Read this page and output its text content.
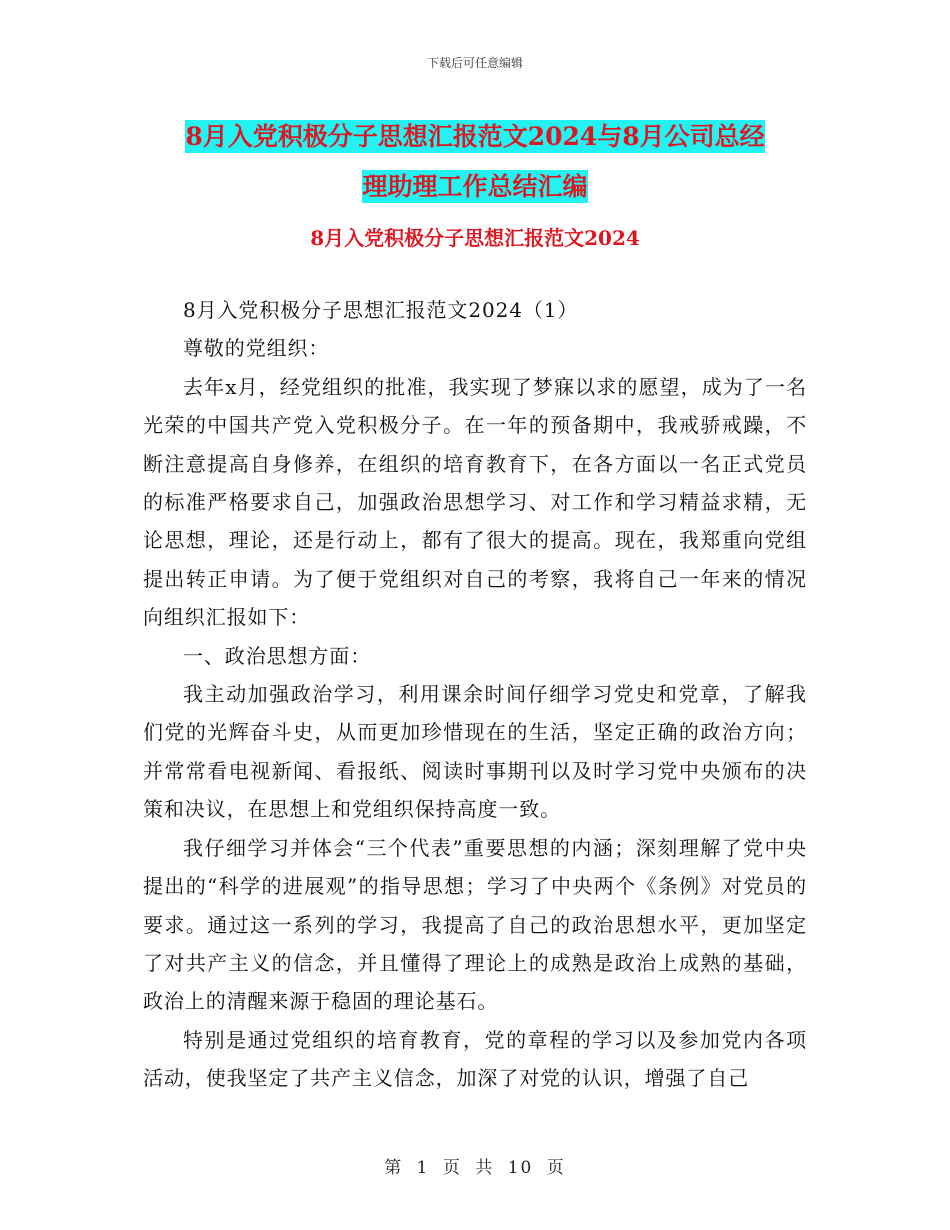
下载后可任意编辑
8月入党积极分子思想汇报范文2024与8月公司总经
理助理工作总结汇编
8月入党积极分子思想汇报范文2024

8月入党积极分子思想汇报范文2024（1）

尊敬的党组织：

去年x月，经党组织的批准，我实现了梦寐以求的愿望，成为了一名光荣的中国共产党入党积极分子。在一年的预备期中，我戒骄戒躁，不断注意提高自身修养，在组织的培育教育下，在各方面以一名正式党员的标准严格要求自己，加强政治思想学习、对工作和学习精益求精，无论思想，理论，还是行动上，都有了很大的提高。现在，我郑重向党组提出转正申请。为了便于党组织对自己的考察，我将自己一年来的情况向组织汇报如下：

一、政治思想方面：

我主动加强政治学习，利用课余时间仔细学习党史和党章，了解我们党的光辉奋斗史，从而更加珍惜现在的生活，坚定正确的政治方向；并常常看电视新闻、看报纸、阅读时事期刊以及时学习党中央颁布的决策和决议，在思想上和党组织保持高度一致。

我仔细学习并体会“三个代表”重要思想的内涵；深刻理解了党中央提出的“科学的进展观”的指导思想；学习了中央两个《条例》对党员的要求。通过这一系列的学习，我提高了自己的政治思想水平，更加坚定了对共产主义的信念，并且懂得了理论上的成熟是政治上成熟的基础，政治上的清醒来源于稳固的理论基石。

特别是通过党组织的培育教育，党的章程的学习以及参加党内各项活动，使我坚定了共产主义信念，加深了对党的认识，增强了自己

第 1 页 共 10 页
